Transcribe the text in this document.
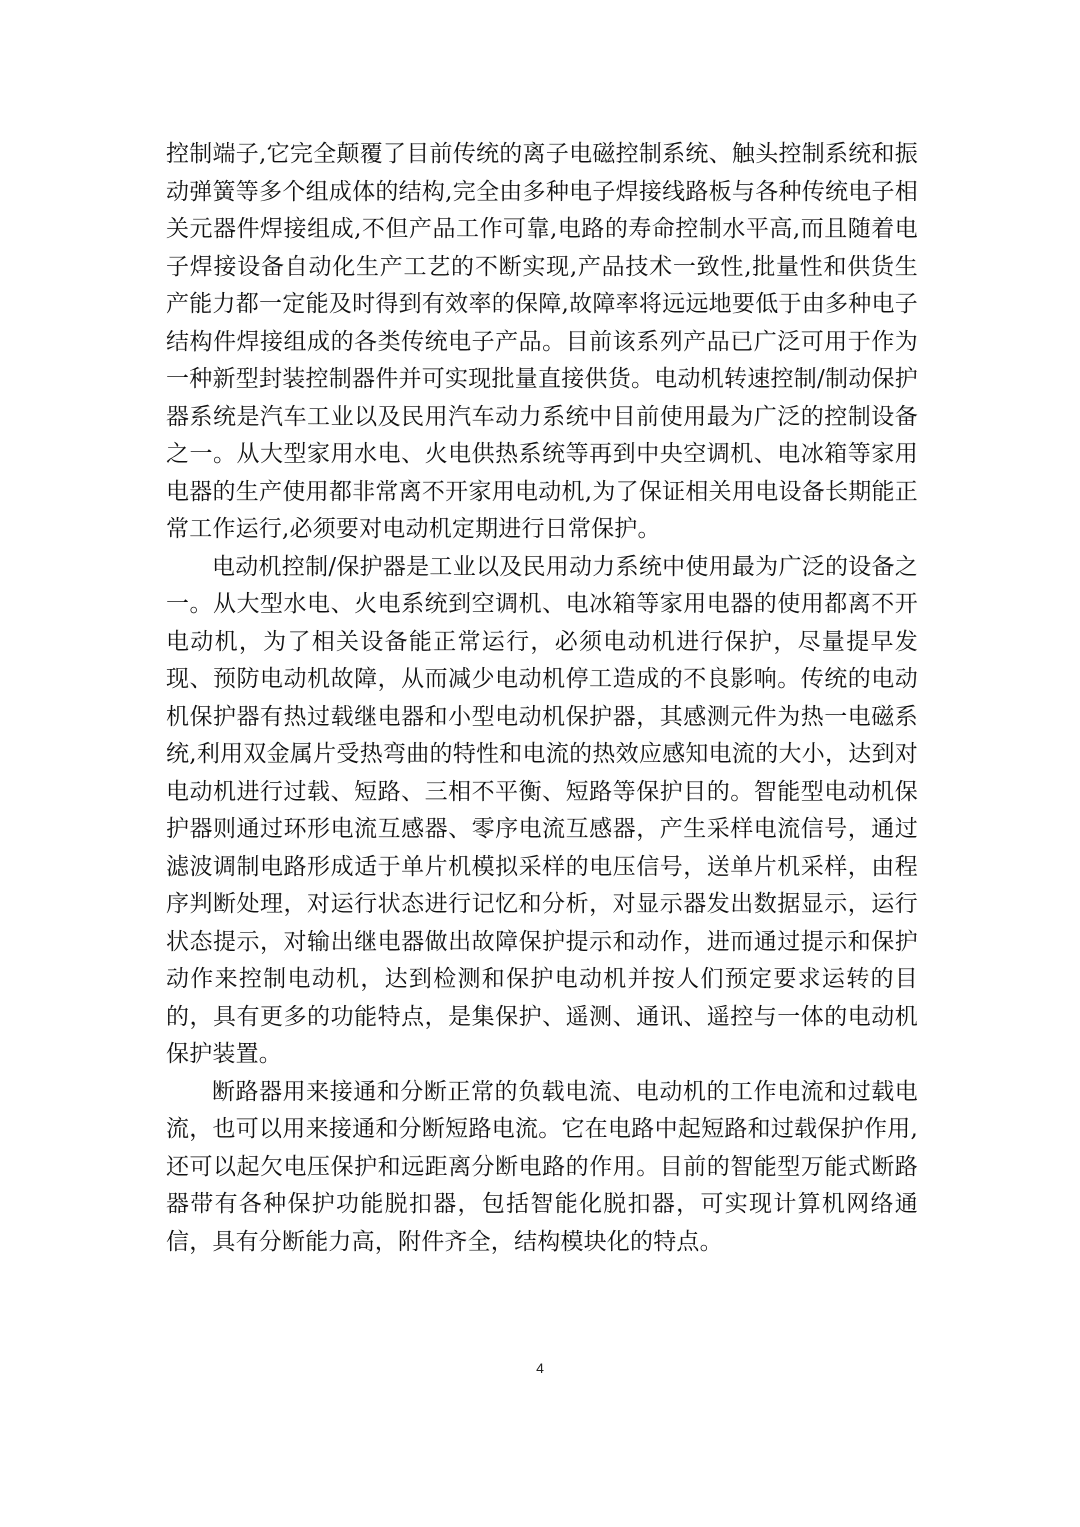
控制端子,它完全颠覆了目前传统的离子电磁控制系统、触头控制系统和振动弹簧等多个组成体的结构,完全由多种电子焊接线路板与各种传统电子相关元器件焊接组成,不但产品工作可靠,电路的寿命控制水平高,而且随着电子焊接设备自动化生产工艺的不断实现,产品技术一致性,批量性和供货生产能力都一定能及时得到有效率的保障,故障率将远远地要低于由多种电子结构件焊接组成的各类传统电子产品。目前该系列产品已广泛可用于作为一种新型封装控制器件并可实现批量直接供货。电动机转速控制/制动保护器系统是汽车工业以及民用汽车动力系统中目前使用最为广泛的控制设备之一。从大型家用水电、火电供热系统等再到中央空调机、电冰箱等家用电器的生产使用都非常离不开家用电动机,为了保证相关用电设备长期能正常工作运行,必须要对电动机定期进行日常保护。

电动机控制/保护器是工业以及民用动力系统中使用最为广泛的设备之一。从大型水电、火电系统到空调机、电冰箱等家用电器的使用都离不开电动机，为了相关设备能正常运行，必须电动机进行保护，尽量提早发现、预防电动机故障，从而减少电动机停工造成的不良影响。传统的电动机保护器有热过载继电器和小型电动机保护器，其感测元件为热一电磁系统,利用双金属片受热弯曲的特性和电流的热效应感知电流的大小，达到对电动机进行过载、短路、三相不平衡、短路等保护目的。智能型电动机保护器则通过环形电流互感器、零序电流互感器，产生采样电流信号，通过滤波调制电路形成适于单片机模拟采样的电压信号，送单片机采样，由程序判断处理，对运行状态进行记忆和分析，对显示器发出数据显示，运行状态提示，对输出继电器做出故障保护提示和动作，进而通过提示和保护动作来控制电动机，达到检测和保护电动机并按人们预定要求运转的目的，具有更多的功能特点，是集保护、遥测、通讯、遥控与一体的电动机保护装置。

断路器用来接通和分断正常的负载电流、电动机的工作电流和过载电流，也可以用来接通和分断短路电流。它在电路中起短路和过载保护作用,还可以起欠电压保护和远距离分断电路的作用。目前的智能型万能式断路器带有各种保护功能脱扣器，包括智能化脱扣器，可实现计算机网络通信，具有分断能力高，附件齐全，结构模块化的特点。

4
